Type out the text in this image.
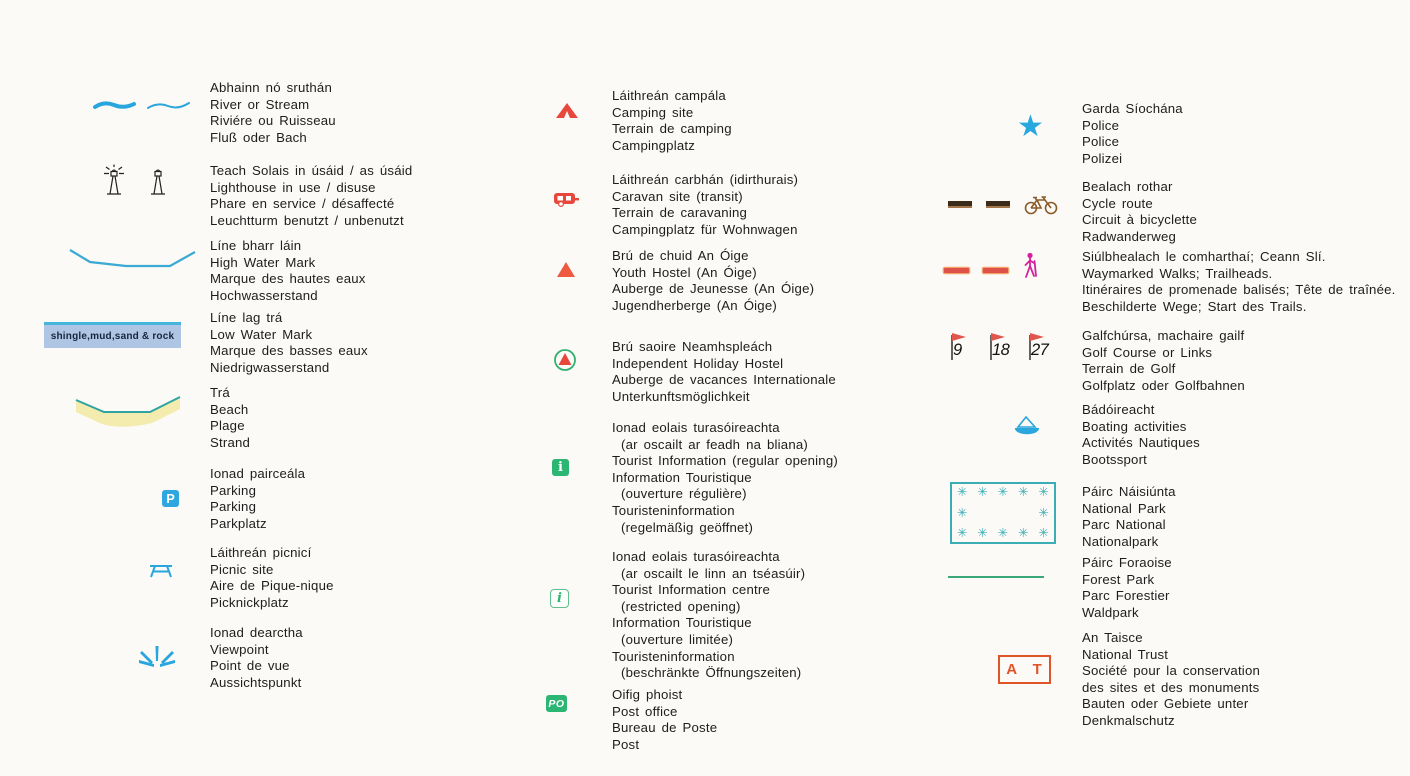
Abhainn nó sruthán
River or Stream
Riviére ou Ruisseau
Fluß oder Bach
Teach Solais in úsáid / as úsáid
Lighthouse in use / disuse
Phare en service / désaffecté
Leuchtturm benutzt / unbenutzt
Líne bharr láin
High Water Mark
Marque des hautes eaux
Hochwasserstand
shingle,mud,sand & rock
Líne lag trá
Low Water Mark
Marque des basses eaux
Niedrigwasserstand
Trá
Beach
Plage
Strand
P
Ionad pairceála
Parking
Parking
Parkplatz
Láithreán picnicí
Picnic site
Aire de Pique-nique
Picknickplatz
Ionad dearctha
Viewpoint
Point de vue
Aussichtspunkt
Láithreán campála
Camping site
Terrain de camping
Campingplatz
Láithreán carbhán (idirthurais)
Caravan site (transit)
Terrain de caravaning
Campingplatz für Wohnwagen
Brú de chuid An Óige
Youth Hostel (An Óige)
Auberge de Jeunesse (An Óige)
Jugendherberge (An Óige)
Brú saoire Neamhspleách
Independent Holiday Hostel
Auberge de vacances Internationale
Unterkunftsmöglichkeit
i
Ionad eolais turasóireachta
(ar oscailt ar feadh na bliana)
Tourist Information (regular opening)
Information Touristique
(ouverture régulière)
Touristeninformation
(regelmäßig geöffnet)
i
Ionad eolais turasóireachta
(ar oscailt le linn an tséasúir)
Tourist Information centre
(restricted opening)
Information Touristique
(ouverture limitée)
Touristeninformation
(beschränkte Öffnungszeiten)
PO
Oifig phoist
Post office
Bureau de Poste
Post
★
Garda Síochána
Police
Police
Polizei
Bealach rothar
Cycle route
Circuit à bicyclette
Radwanderweg
Siúlbhealach le comharthaí; Ceann Slí.
Waymarked Walks; Trailheads.
Itinéraires de promenade balisés; Tête de traînée.
Beschilderte Wege; Start des Trails.
9 18 27
Galfchúrsa, machaire gailf
Golf Course or Links
Terrain de Golf
Golfplatz oder Golfbahnen
Bádóireacht
Boating activities
Activités Nautiques
Bootssport
✳ ✳ ✳ ✳ ✳
✳	✳
✳ ✳ ✳ ✳ ✳
Páirc Náisiúnta
National Park
Parc National
Nationalpark
Páirc Foraoise
Forest Park
Parc Forestier
Waldpark
A T
An Taisce
National Trust
Société pour la conservation
des sites et des monuments
Bauten oder Gebiete unter
Denkmalschutz
